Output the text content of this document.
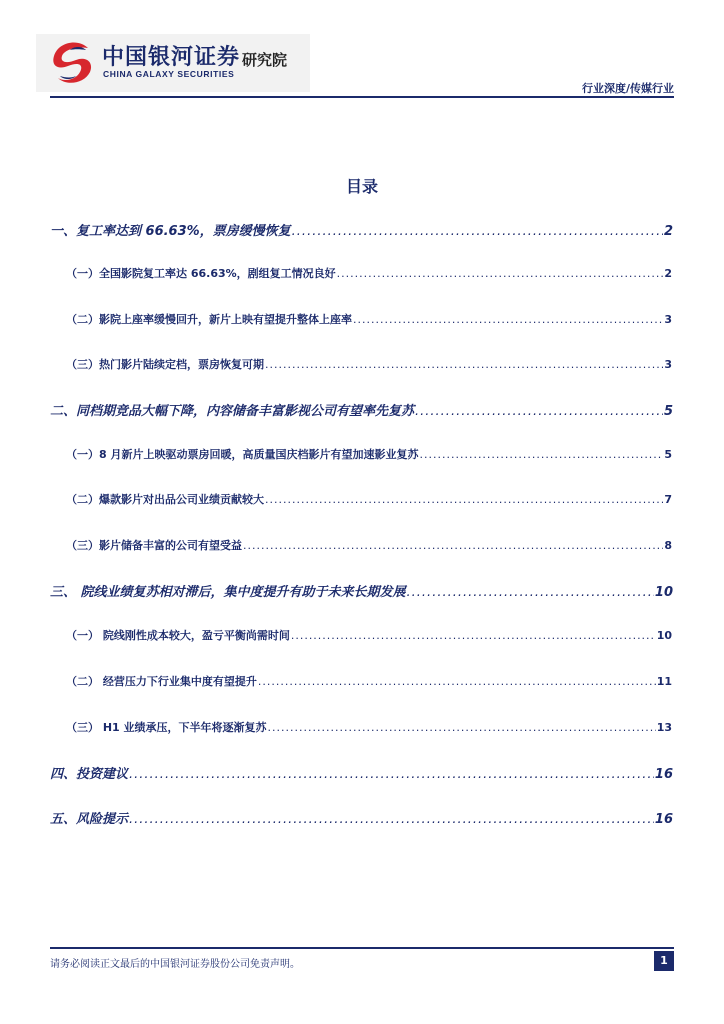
中国银河证券
CHINA GALAXY SECURITIES
研究院
行业深度/传媒行业
目录
一、复工率达到 66.63%，票房缓慢恢复 .....	2
（一）全国影院复工率达 66.63%，剧组复工情况良好 .....	2
（二）影院上座率缓慢回升，新片上映有望提升整体上座率 .....	3
（三）热门影片陆续定档，票房恢复可期 .....	3
二、同档期竞品大幅下降，内容储备丰富影视公司有望率先复苏 .....	5
（一）8 月新片上映驱动票房回暖，高质量国庆档影片有望加速影业复苏 .....	5
（二）爆款影片对出品公司业绩贡献较大 .....	7
（三）影片储备丰富的公司有望受益 .....	8
三、 院线业绩复苏相对滞后，集中度提升有助于未来长期发展 .....	10
（一） 院线刚性成本较大，盈亏平衡尚需时间 .....	10
（二） 经营压力下行业集中度有望提升 .....	11
（三） H1 业绩承压，下半年将逐渐复苏 .....	13
四、投资建议 .....	16
五、风险提示 .....	16
请务必阅读正文最后的中国银河证券股份公司免责声明。	1
